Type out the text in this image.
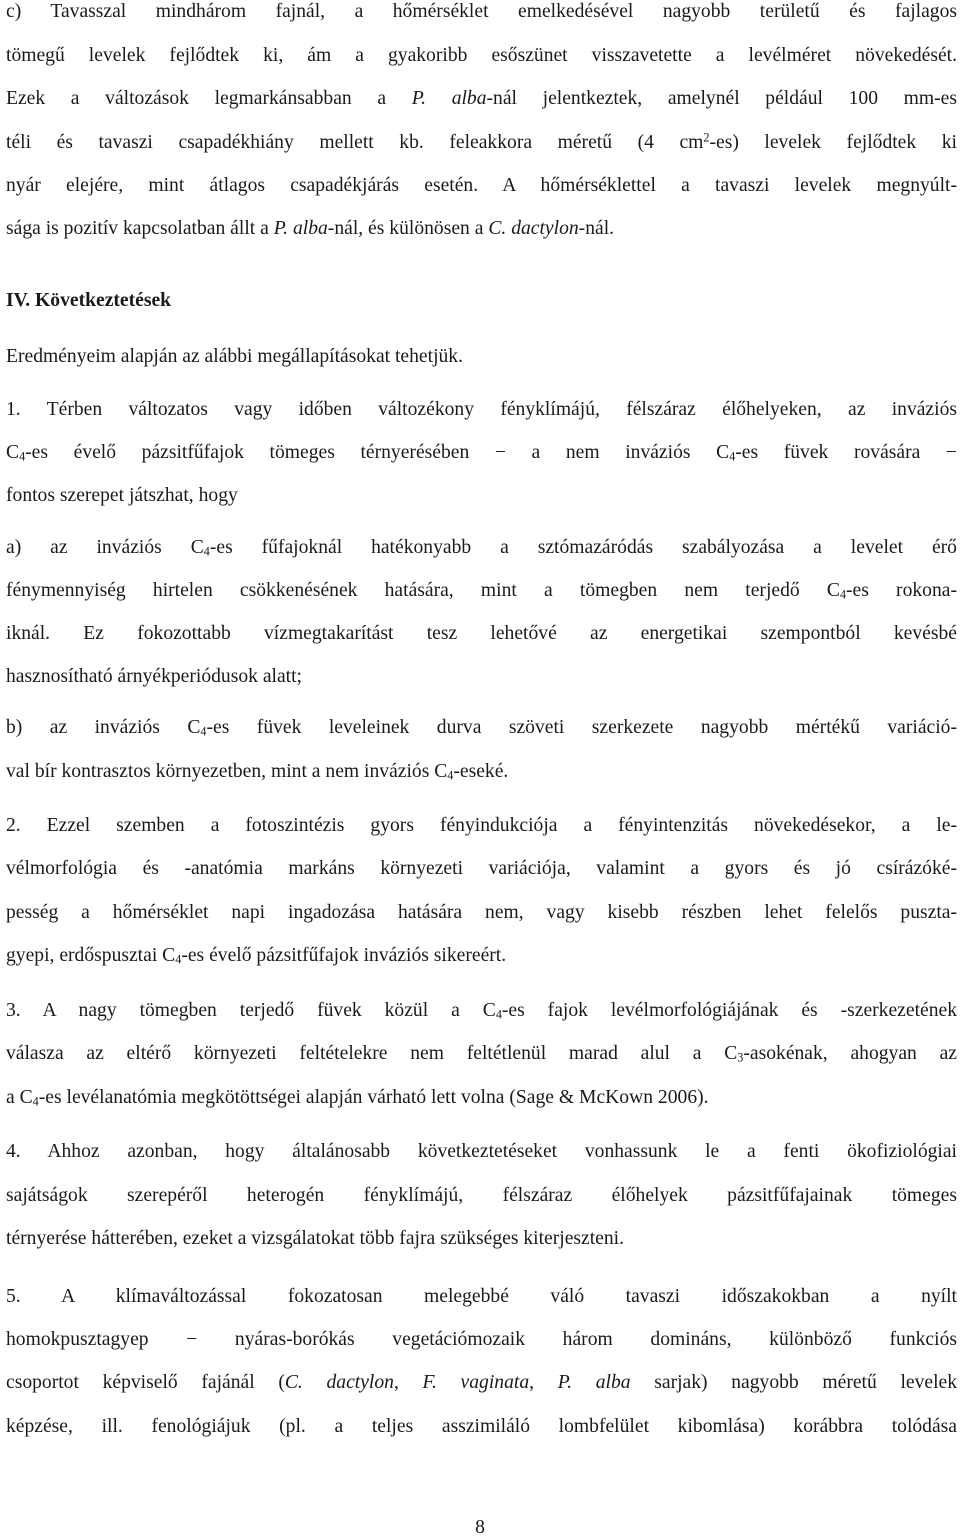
c) Tavasszal mindhárom fajnál, a hőmérséklet emelkedésével nagyobb területű és fajlagos
tömegű levelek fejlődtek ki, ám a gyakoribb esőszünet visszavetette a levélméret növekedését.
Ezek a változások legmarkánsabban a P. alba-nál jelentkeztek, amelynél például 100 mm-es
téli és tavaszi csapadékhiány mellett kb. feleakkora méretű (4 $cm^2-es$) levelek fejlődtek ki
nyár elejére, mint átlagos csapadékjárás esetén. A hőmérséklettel a tavaszi levelek megnyúlt-
sága is pozitív kapcsolatban állt a P. alba-nál, és különösen a C. dactylon-nál.
IV. Következtetések
Eredményeim alapján az alábbi megállapításokat tehetjük.
1. Térben változatos vagy időben változékony fényklímájú, félszáraz élőhelyeken, az inváziós
$C_4-es$ évelő pázsitfűfajok tömeges térnyerésében − a nem inváziós $C_4-es$ füvek rovására −
fontos szerepet játszhat, hogy
a) az inváziós $C_4-es$ fűfajoknál hatékonyabb a sztómazáródás szabályozása a levelet érő
fénymennyiség hirtelen csökkenésének hatására, mint a tömegben nem terjedő $C_4-es$ rokona-
iknál. Ez fokozottabb vízmegtakarítást tesz lehetővé az energetikai szempontból kevésbé
hasznosítható árnyékperiódusok alatt;
b) az inváziós $C_4-es$ füvek leveleinek durva szöveti szerkezete nagyobb mértékű variáció-
val bír kontrasztos környezetben, mint a nem inváziós $C_4$-eseké.
2. Ezzel szemben a fotoszintézis gyors fényindukciója a fényintenzitás növekedésekor, a le-
vélmorfológia és -anatómia markáns környezeti variációja, valamint a gyors és jó csírázóké-
pesség a hőmérséklet napi ingadozása hatására nem, vagy kisebb részben lehet felelős puszta-
gyepi, erdőspusztai $C_4-es$ évelő pázsitfűfajok inváziós sikereért.
3. A nagy tömegben terjedő füvek közül a $C_4-es$ fajok levélmorfológiájának és -szerkezetének
válasza az eltérő környezeti feltételekre nem feltétlenül marad alul a $C_3$-asokénak, ahogyan az
a $C_4-es$ levélanatómia megkötöttségei alapján várható lett volna (Sage & McKown 2006).
4. Ahhoz azonban, hogy általánosabb következtetéseket vonhassunk le a fenti ökofiziológiai
sajátságok szerepéről heterogén fényklímájú, félszáraz élőhelyek pázsitfűfajainak tömeges
térnyerése hátterében, ezeket a vizsgálatokat több fajra szükséges kiterjeszteni.
5. A klímaváltozással fokozatosan melegebbé váló tavaszi időszakokban a nyílt
homokpusztagyep − nyáras-borókás vegetációmozaik három domináns, különböző funkciós
csoportot képviselő fajánál (C. dactylon, F. vaginata, P. alba sarjak) nagyobb méretű levelek
képzése, ill. fenológiájuk (pl. a teljes asszimiláló lombfelület kibomlása) korábbra tolódása
8
